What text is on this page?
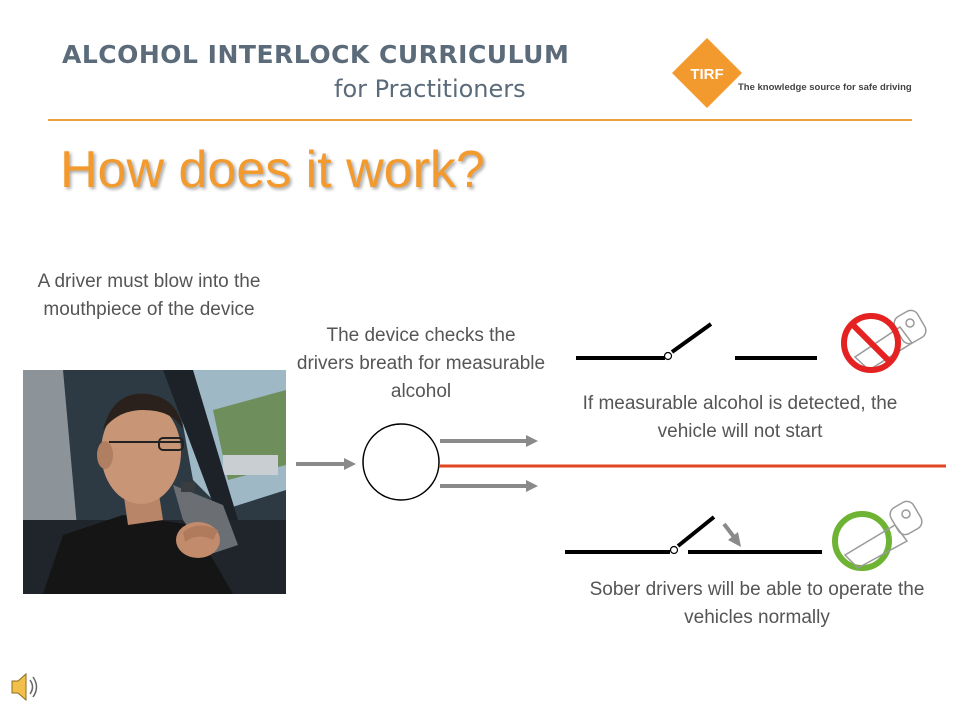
ALCOHOL INTERLOCK CURRICULUM
for Practitioners
TIRF
The knowledge source for safe driving
How does it work?
A driver must blow into the mouthpiece of the device
The device checks the drivers breath for measurable alcohol
If measurable alcohol is detected, the vehicle will not start
Sober drivers will be able to operate the vehicles normally
